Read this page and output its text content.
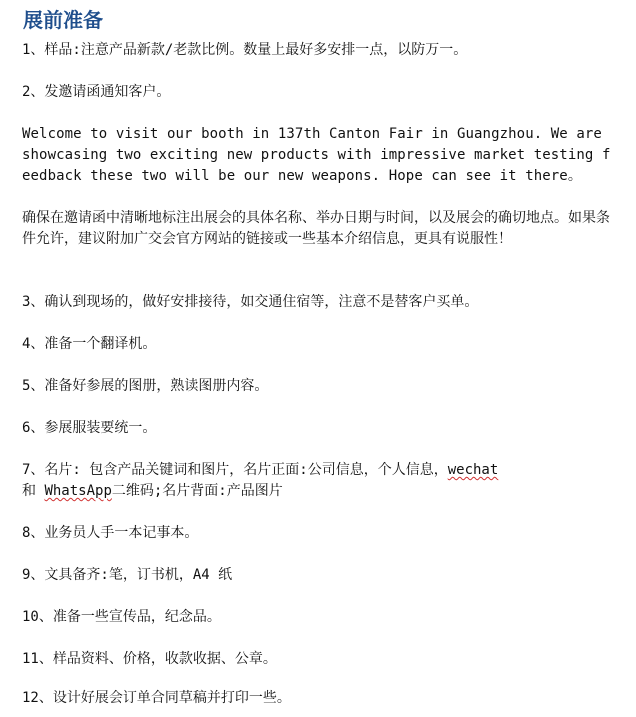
展前准备

1、样品:注意产品新款/老款比例。数量上最好多安排一点，以防万一。

2、发邀请函通知客户。

Welcome to visit our booth in 137th Canton Fair in Guangzhou. We are showcasing two exciting new products with impressive market testing feedback these two will be our new weapons. Hope can see it there。

确保在邀请函中清晰地标注出展会的具体名称、举办日期与时间，以及展会的确切地点。如果条件允许，建议附加广交会官方网站的链接或一些基本介绍信息，更具有说服性！

3、确认到现场的，做好安排接待，如交通住宿等，注意不是替客户买单。

4、准备一个翻译机。

5、准备好参展的图册，熟读图册内容。

6、参展服装要统一。

7、名片: 包含产品关键词和图片，名片正面:公司信息，个人信息，wechat
和 WhatsApp二维码;名片背面:产品图片

8、业务员人手一本记事本。

9、文具备齐:笔，订书机，A4 纸

10、准备一些宣传品，纪念品。

11、样品资料、价格，收款收据、公章。

12、设计好展会订单合同草稿并打印一些。
